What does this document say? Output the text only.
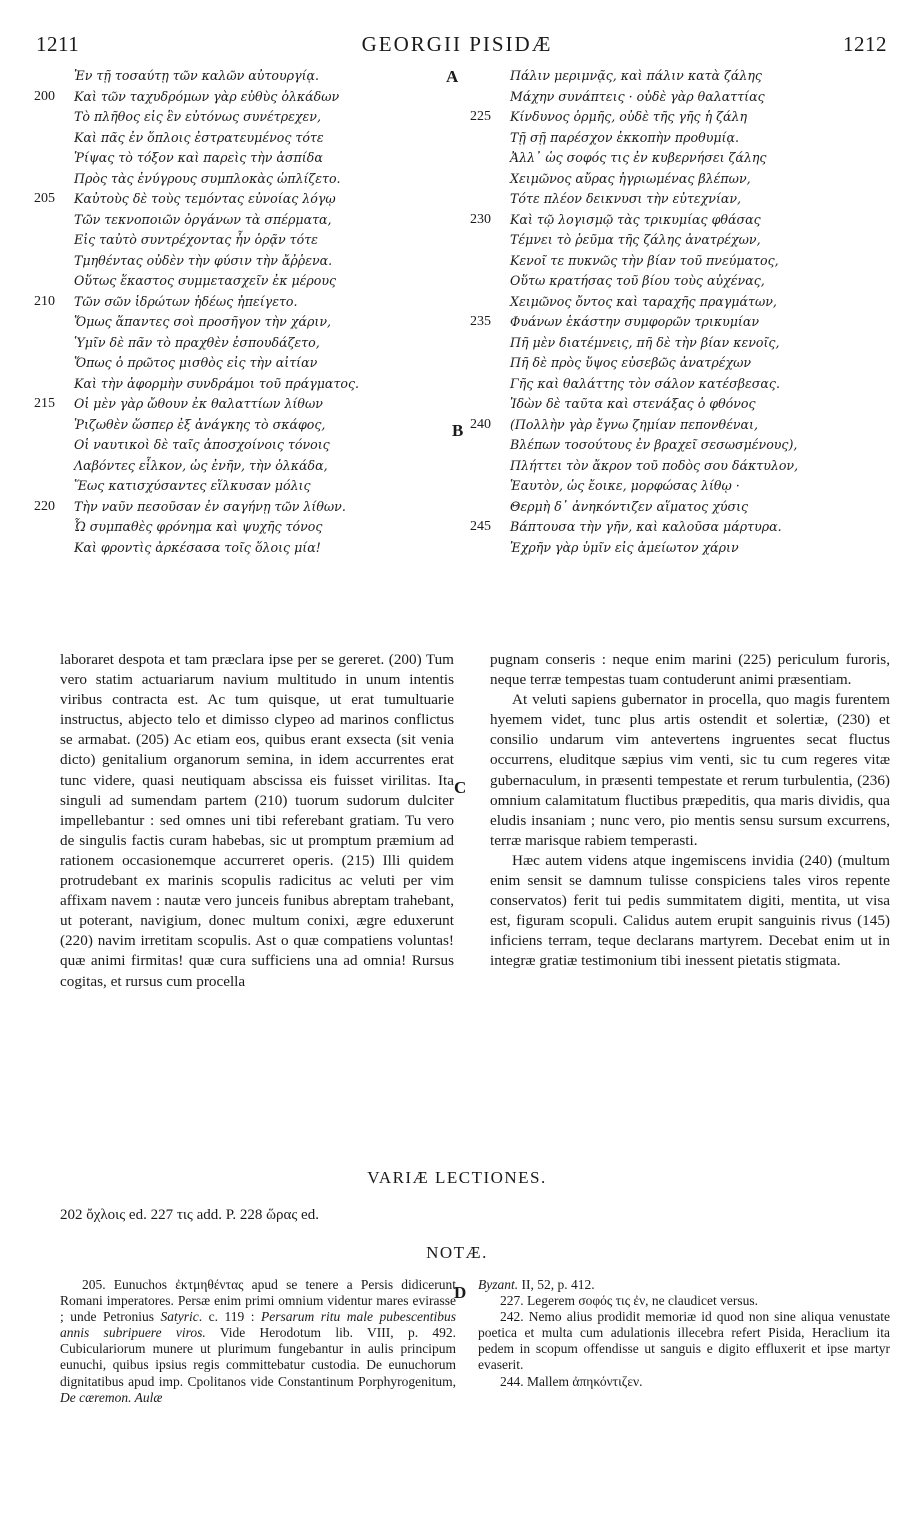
1211	GEORGII PISIDÆ	1212
A
B
C
D
Ἐν τῇ τοσαύτῃ τῶν καλῶν αὐτουργίᾳ.
200 Καὶ τῶν ταχυδρόμων γὰρ εὐθὺς ὁλκάδων
Τὸ πλῆθος εἰς ἓν εὐτόνως συνέτρεχεν,
Καὶ πᾶς ἐν ὅπλοις ἐστρατευμένος τότε
Ῥίψας τὸ τόξον καὶ παρεὶς τὴν ἀσπίδα
Πρὸς τὰς ἐνύγρους συμπλοκὰς ὡπλίζετο.
205 Καὐτοὺς δὲ τοὺς τεμόντας εὐνοίας λόγῳ
Τῶν τεκνοποιῶν ὀργάνων τὰ σπέρματα,
Εἰς ταὐτὸ συντρέχοντας ἦν ὁρᾷν τότε
Τμηθέντας οὐδὲν τὴν φύσιν τὴν ἄῤῥενα.
Οὕτως ἕκαστος συμμετασχεῖν ἐκ μέρους
210 Τῶν σῶν ἱδρώτων ἡδέως ἠπείγετο.
Ὅμως ἅπαντες σοὶ προσῆγον τὴν χάριν,
Ὑμῖν δὲ πᾶν τὸ πραχθὲν ἐσπουδάζετο,
Ὅπως ὁ πρῶτος μισθὸς εἰς τὴν αἰτίαν
Καὶ τὴν ἀφορμὴν συνδράμοι τοῦ πράγματος.
215 Οἱ μὲν γὰρ ὤθουν ἐκ θαλαττίων λίθων
Ῥιζωθὲν ὥσπερ ἐξ ἀνάγκης τὸ σκάφος,
Οἱ ναυτικοὶ δὲ ταῖς ἀποσχοίνοις τόνοις
Λαβόντες εἷλκον, ὡς ἐνῆν, τὴν ὁλκάδα,
Ἕως κατισχύσαντες εἵλκυσαν μόλις
220 Τὴν ναῦν πεσοῦσαν ἐν σαγήνῃ τῶν λίθων.
Ὦ συμπαθὲς φρόνημα καὶ ψυχῆς τόνος
Καὶ φροντὶς ἀρκέσασα τοῖς ὅλοις μία!
Πάλιν μεριμνᾷς, καὶ πάλιν κατὰ ζάλης
Μάχην συνάπτεις · οὐδὲ γὰρ θαλαττίας
225 Κίνδυνος ὁρμῆς, οὐδὲ τῆς γῆς ἡ ζάλη
Τῇ σῇ παρέσχον ἐκκοπὴν προθυμίᾳ.
Ἀλλ᾽ ὡς σοφός τις ἐν κυβερνήσει ζάλης
Χειμῶνος αὔρας ἠγριωμένας βλέπων,
Τότε πλέον δεικνυσι τὴν εὐτεχνίαν,
230 Καὶ τῷ λογισμῷ τὰς τρικυμίας φθάσας
Τέμνει τὸ ῥεῦμα τῆς ζάλης ἀνατρέχων,
Κενοῖ τε πυκνῶς τὴν βίαν τοῦ πνεύματος,
Οὕτω κρατήσας τοῦ βίου τοὺς αὐχένας,
Χειμῶνος ὄντος καὶ ταραχῆς πραγμάτων,
235 Φυάνων ἑκάστην συμφορῶν τρικυμίαν
Πῆ μὲν διατέμνεις, πῆ δὲ τὴν βίαν κενοῖς,
Πῆ δὲ πρὸς ὕψος εὐσεβῶς ἀνατρέχων
Γῆς καὶ θαλάττης τὸν σάλον κατέσβεσας.
Ἰδὼν δὲ ταῦτα καὶ στενάξας ὁ φθόνος
240 (Πολλὴν γὰρ ἔγνω ζημίαν πεπονθέναι,
Βλέπων τοσούτους ἐν βραχεῖ σεσωσμένους),
Πλήττει τὸν ἄκρον τοῦ ποδὸς σου δάκτυλον,
Ἑαυτὸν, ὡς ἔοικε, μορφώσας λίθῳ ·
Θερμὴ δ᾽ ἀνηκόντιζεν αἵματος χύσις
245 Βάπτουσα τὴν γῆν, καὶ καλοῦσα μάρτυρα.
Ἐχρῆν γὰρ ὑμῖν εἰς ἀμείωτον χάριν

laboraret despota et tam præclara ipse per se gereret. (200) Tum vero statim actuariarum navium multitudo in unum intentis viribus contracta est. Ac tum quisque, ut erat tumultuarie instructus, abjecto telo et dimisso clypeo ad marinos conflictus se armabat. (205) Ac etiam eos, quibus erant exsecta (sit venia dicto) genitalium organorum semina, in idem accurrentes erat tunc videre, quasi neutiquam abscissa eis fuisset virilitas. Ita singuli ad sumendam partem (210) tuorum sudorum dulciter impellebantur : sed omnes uni tibi referebant gratiam. Tu vero de singulis factis curam habebas, sic ut promptum præmium ad rationem occasionemque accurreret operis. (215) Illi quidem protrudebant ex marinis scopulis radicitus ac veluti per vim affixam navem : nautæ vero junceis funibus abreptam trahebant, ut poterant, navigium, donec multum conixi, ægre eduxerunt (220) navim irretitam scopulis. Ast o quæ compatiens voluntas! quæ animi firmitas! quæ cura sufficiens una ad omnia! Rursus cogitas, et rursus cum procella

pugnam conseris : neque enim marini (225) periculum furoris, neque terræ tempestas tuam contuderunt animi præsentiam.

At veluti sapiens gubernator in procella, quo magis furentem hyemem videt, tunc plus artis ostendit et solertiæ, (230) et consilio undarum vim antevertens ingruentes secat fluctus occurrens, eluditque sæpius vim venti, sic tu cum regeres vitæ gubernaculum, in præsenti tempestate et rerum turbulentia, (236) omnium calamitatum fluctibus præpeditis, qua maris dividis, qua eludis insaniam ; nunc vero, pio mentis sensu sursum excurrens, terræ marisque rabiem temperasti.

Hæc autem videns atque ingemiscens invidia (240) (multum enim sensit se damnum tulisse conspiciens tales viros repente conservatos) ferit tui pedis summitatem digiti, mentita, ut visa est, figuram scopuli. Calidus autem erupit sanguinis rivus (145) inficiens terram, teque declarans martyrem. Decebat enim ut in integræ gratiæ testimonium tibi inessent pietatis stigmata.

VARIÆ LECTIONES.
202 ὄχλοις ed. 227 τις add. P. 228 ὥρας ed.
NOTÆ.

205. Eunuchos ἐκτμηθέντας apud se tenere a Persis didicerunt Romani imperatores. Persæ enim primi omnium videntur mares evirasse ; unde Petronius Satyric. c. 119 : Persarum ritu male pubescentibus annis subripuere viros. Vide Herodotum lib. VIII, p. 492. Cubiculariorum munere ut plurimum fungebantur in aulis principum eunuchi, quibus ipsius regis committebatur custodia. De eunuchorum dignitatibus apud imp. Cpolitanos vide Constantinum Porphyrogenitum, De cæremon. Aulæ

Byzant. II, 52, p. 412.

227. Legerem σοφός τις ἐν, ne claudicet versus.

242. Nemo alius prodidit memoriæ id quod non sine aliqua venustate poetica et multa cum adulationis illecebra refert Pisida, Heraclium ita pedem in scopum offendisse ut sanguis e digito effluxerit et ipse martyr evaserit.

244. Mallem ἀπηκόντιζεν.
